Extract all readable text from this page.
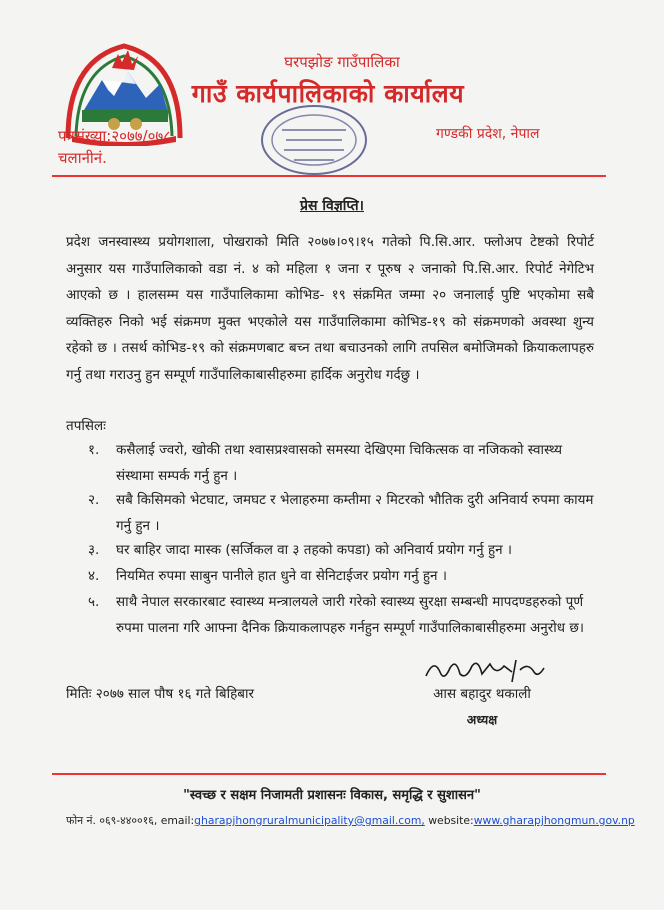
घरपझोङ गाउँपालिका
गाउँ कार्यपालिकाको कार्यालय
पत्रसंख्या:२०७७/०७८
चलानीनं.
गण्डकी प्रदेश, नेपाल
प्रेस विज्ञप्ति।
प्रदेश जनस्वास्थ्य प्रयोगशाला, पोखराको मिति २०७७।०९।१५ गतेको पि.सि.आर. फ्लोअप टेष्टको रिपोर्ट अनुसार यस गाउँपालिकाको वडा नं. ४ को महिला १ जना र पूरुष २ जनाको पि.सि.आर. रिपोर्ट नेगेटिभ आएको छ । हालसम्म यस गाउँपालिकामा कोभिड- १९ संक्रमित जम्मा २० जनालाई पुष्टि भएकोमा सबै व्यक्तिहरु निको भई संक्रमण मुक्त भएकोले यस गाउँपालिकामा कोभिड-१९ को संक्रमणको अवस्था शुन्य रहेको छ । तसर्थ कोभिड-१९ को संक्रमणबाट बच्न तथा बचाउनको लागि तपसिल बमोजिमको क्रियाकलापहरु गर्नु तथा गराउनु हुन सम्पूर्ण गाउँपालिकाबासीहरुमा हार्दिक अनुरोध गर्दछु ।
तपसिलः
१. कसैलाई ज्वरो, खोकी तथा श्वासप्रश्वासको समस्या देखिएमा चिकित्सक वा नजिकको स्वास्थ्य संस्थामा सम्पर्क गर्नु हुन ।
२. सबै किसिमको भेटघाट, जमघट र भेलाहरुमा कम्तीमा २ मिटरको भौतिक दुरी अनिवार्य रुपमा कायम गर्नु हुन ।
३. घर बाहिर जादा मास्क (सर्जिकल वा ३ तहको कपडा) को अनिवार्य प्रयोग गर्नु हुन ।
४. नियमित रुपमा साबुन पानीले हात धुने वा सेनिटाईजर प्रयोग गर्नु हुन ।
५. साथै नेपाल सरकारबाट स्वास्थ्य मन्त्रालयले जारी गरेको स्वास्थ्य सुरक्षा सम्बन्धी मापदण्डहरुको पूर्ण रुपमा पालना गरि आफ्ना दैनिक क्रियाकलापहरु गर्नहुन सम्पूर्ण गाउँपालिकाबासीहरुमा अनुरोध छ।
मितिः २०७७ साल पौष १६ गते बिहिबार	आस बहादुर थकाली
अध्यक्ष
"स्वच्छ र सक्षम निजामती प्रशासनः विकास, समृद्धि र सुशासन"
फोन नं. ०६९-४४००१६, email:gharapjhongruralmunicipality@gmail.com, website:www.gharapjhongmun.gov.np
